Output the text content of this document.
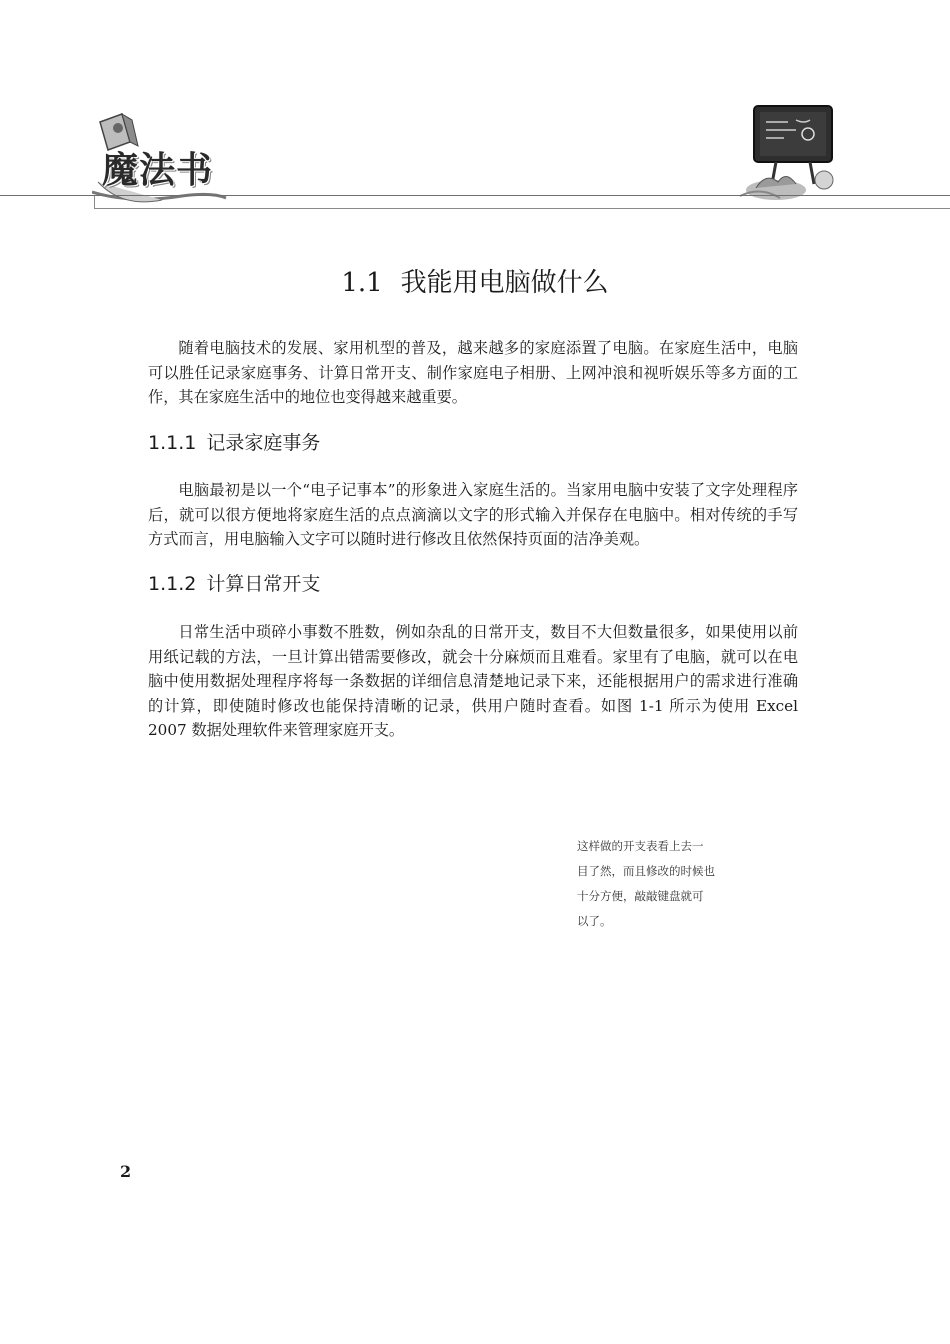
魔法书
1.1 我能用电脑做什么

随着电脑技术的发展、家用机型的普及，越来越多的家庭添置了电脑。在家庭生活中，电脑可以胜任记录家庭事务、计算日常开支、制作家庭电子相册、上网冲浪和视听娱乐等多方面的工作，其在家庭生活中的地位也变得越来越重要。

1.1.1 记录家庭事务

电脑最初是以一个“电子记事本”的形象进入家庭生活的。当家用电脑中安装了文字处理程序后，就可以很方便地将家庭生活的点点滴滴以文字的形式输入并保存在电脑中。相对传统的手写方式而言，用电脑输入文字可以随时进行修改且依然保持页面的洁净美观。

1.1.2 计算日常开支

日常生活中琐碎小事数不胜数，例如杂乱的日常开支，数目不大但数量很多，如果使用以前用纸记载的方法，一旦计算出错需要修改，就会十分麻烦而且难看。家里有了电脑，就可以在电脑中使用数据处理程序将每一条数据的详细信息清楚地记录下来，还能根据用户的需求进行准确的计算，即使随时修改也能保持清晰的记录，供用户随时查看。如图 1-1 所示为使用 Excel 2007 数据处理软件来管理家庭开支。

这样做的开支表看上去一
目了然，而且修改的时候也
十分方便，敲敲键盘就可
以了。
2
